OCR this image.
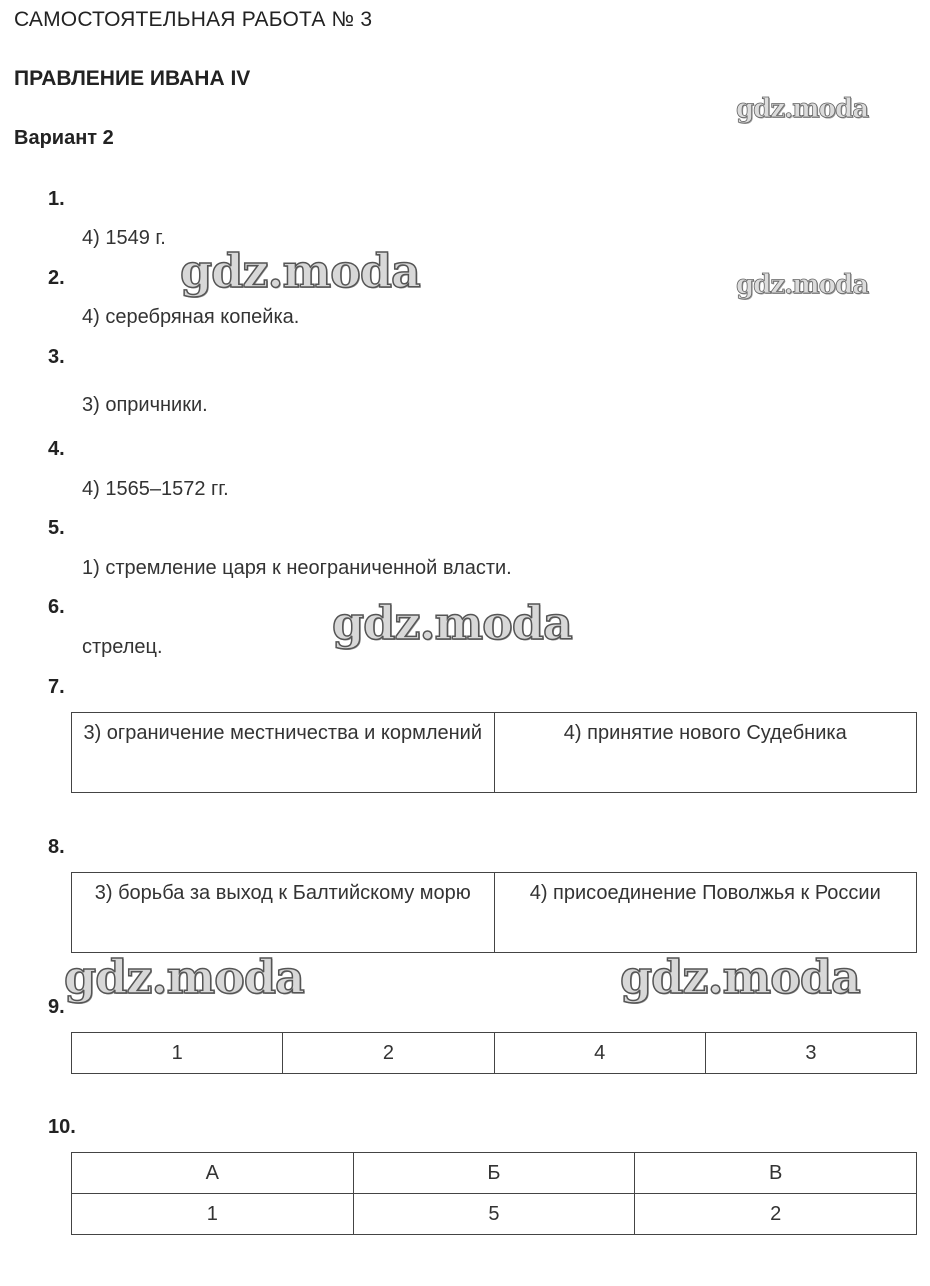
САМОСТОЯТЕЛЬНАЯ РАБОТА № 3
ПРАВЛЕНИЕ ИВАНА IV
Вариант 2
1.
4) 1549 г.
2.
4) серебряная копейка.
3.
3) опричники.
4.
4) 1565–1572 гг.
5.
1) стремление царя к неограниченной власти.
6.
стрелец.
7.
3) ограничение местничества и кормлений	4) принятие нового Судебника
8.
3) борьба за выход к Балтийскому морю	4) присоединение Поволжья к России
9.
1	2	4	3
10.
А	Б	В
1	5	2
gdz.moda
gdz.moda	gdz.moda
gdz.moda
gdz.moda	gdz.moda
